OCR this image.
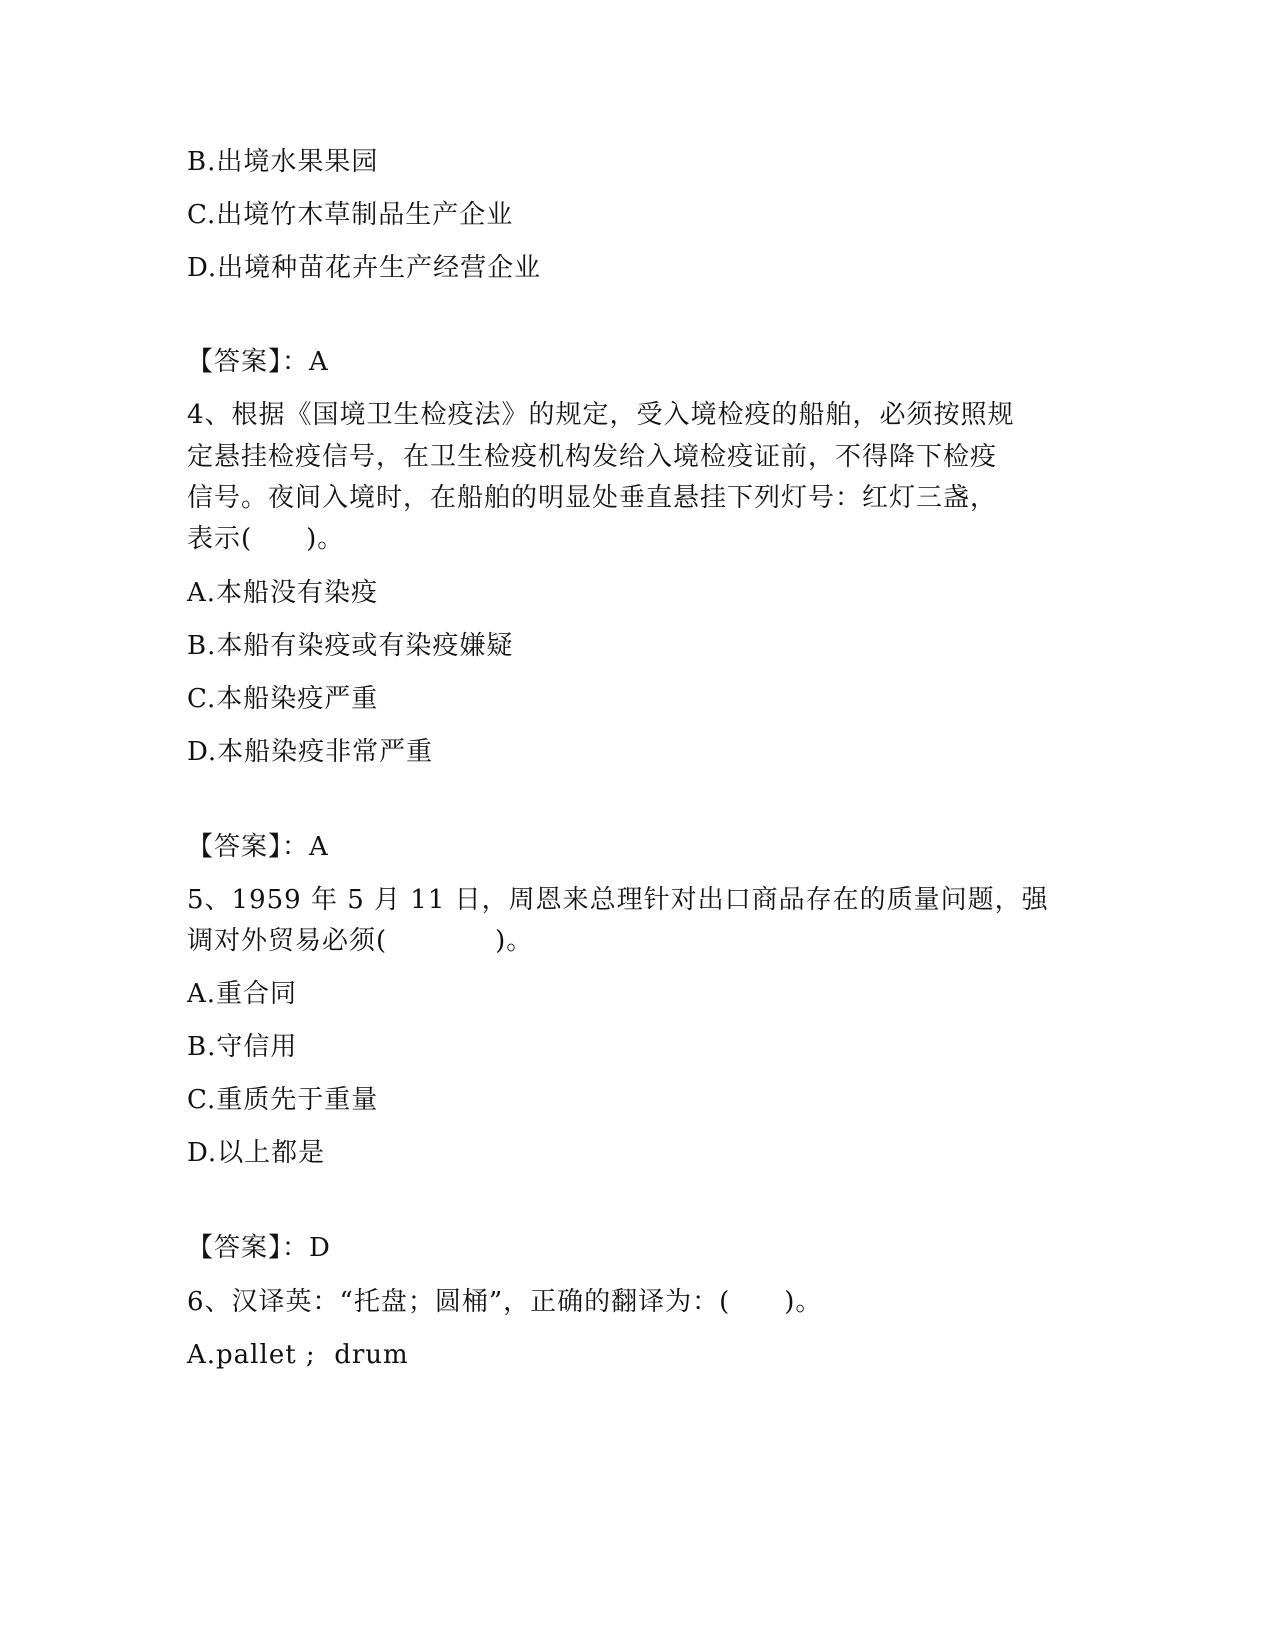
B.出境水果果园
C.出境竹木草制品生产企业
D.出境种苗花卉生产经营企业
【答案】：A
4、根据《国境卫生检疫法》的规定，受入境检疫的船舶，必须按照规
定悬挂检疫信号，在卫生检疫机构发给入境检疫证前，不得降下检疫
信号。夜间入境时，在船舶的明显处垂直悬挂下列灯号：红灯三盏，
表示(　　)。
A.本船没有染疫
B.本船有染疫或有染疫嫌疑
C.本船染疫严重
D.本船染疫非常严重
【答案】：A
5、1959 年 5 月 11 日，周恩来总理针对出口商品存在的质量问题，强
调对外贸易必须(　　　　)。
A.重合同
B.守信用
C.重质先于重量
D.以上都是
【答案】：D
6、汉译英：“托盘；圆桶”，正确的翻译为：(　　)。
A.pallet ;  drum
